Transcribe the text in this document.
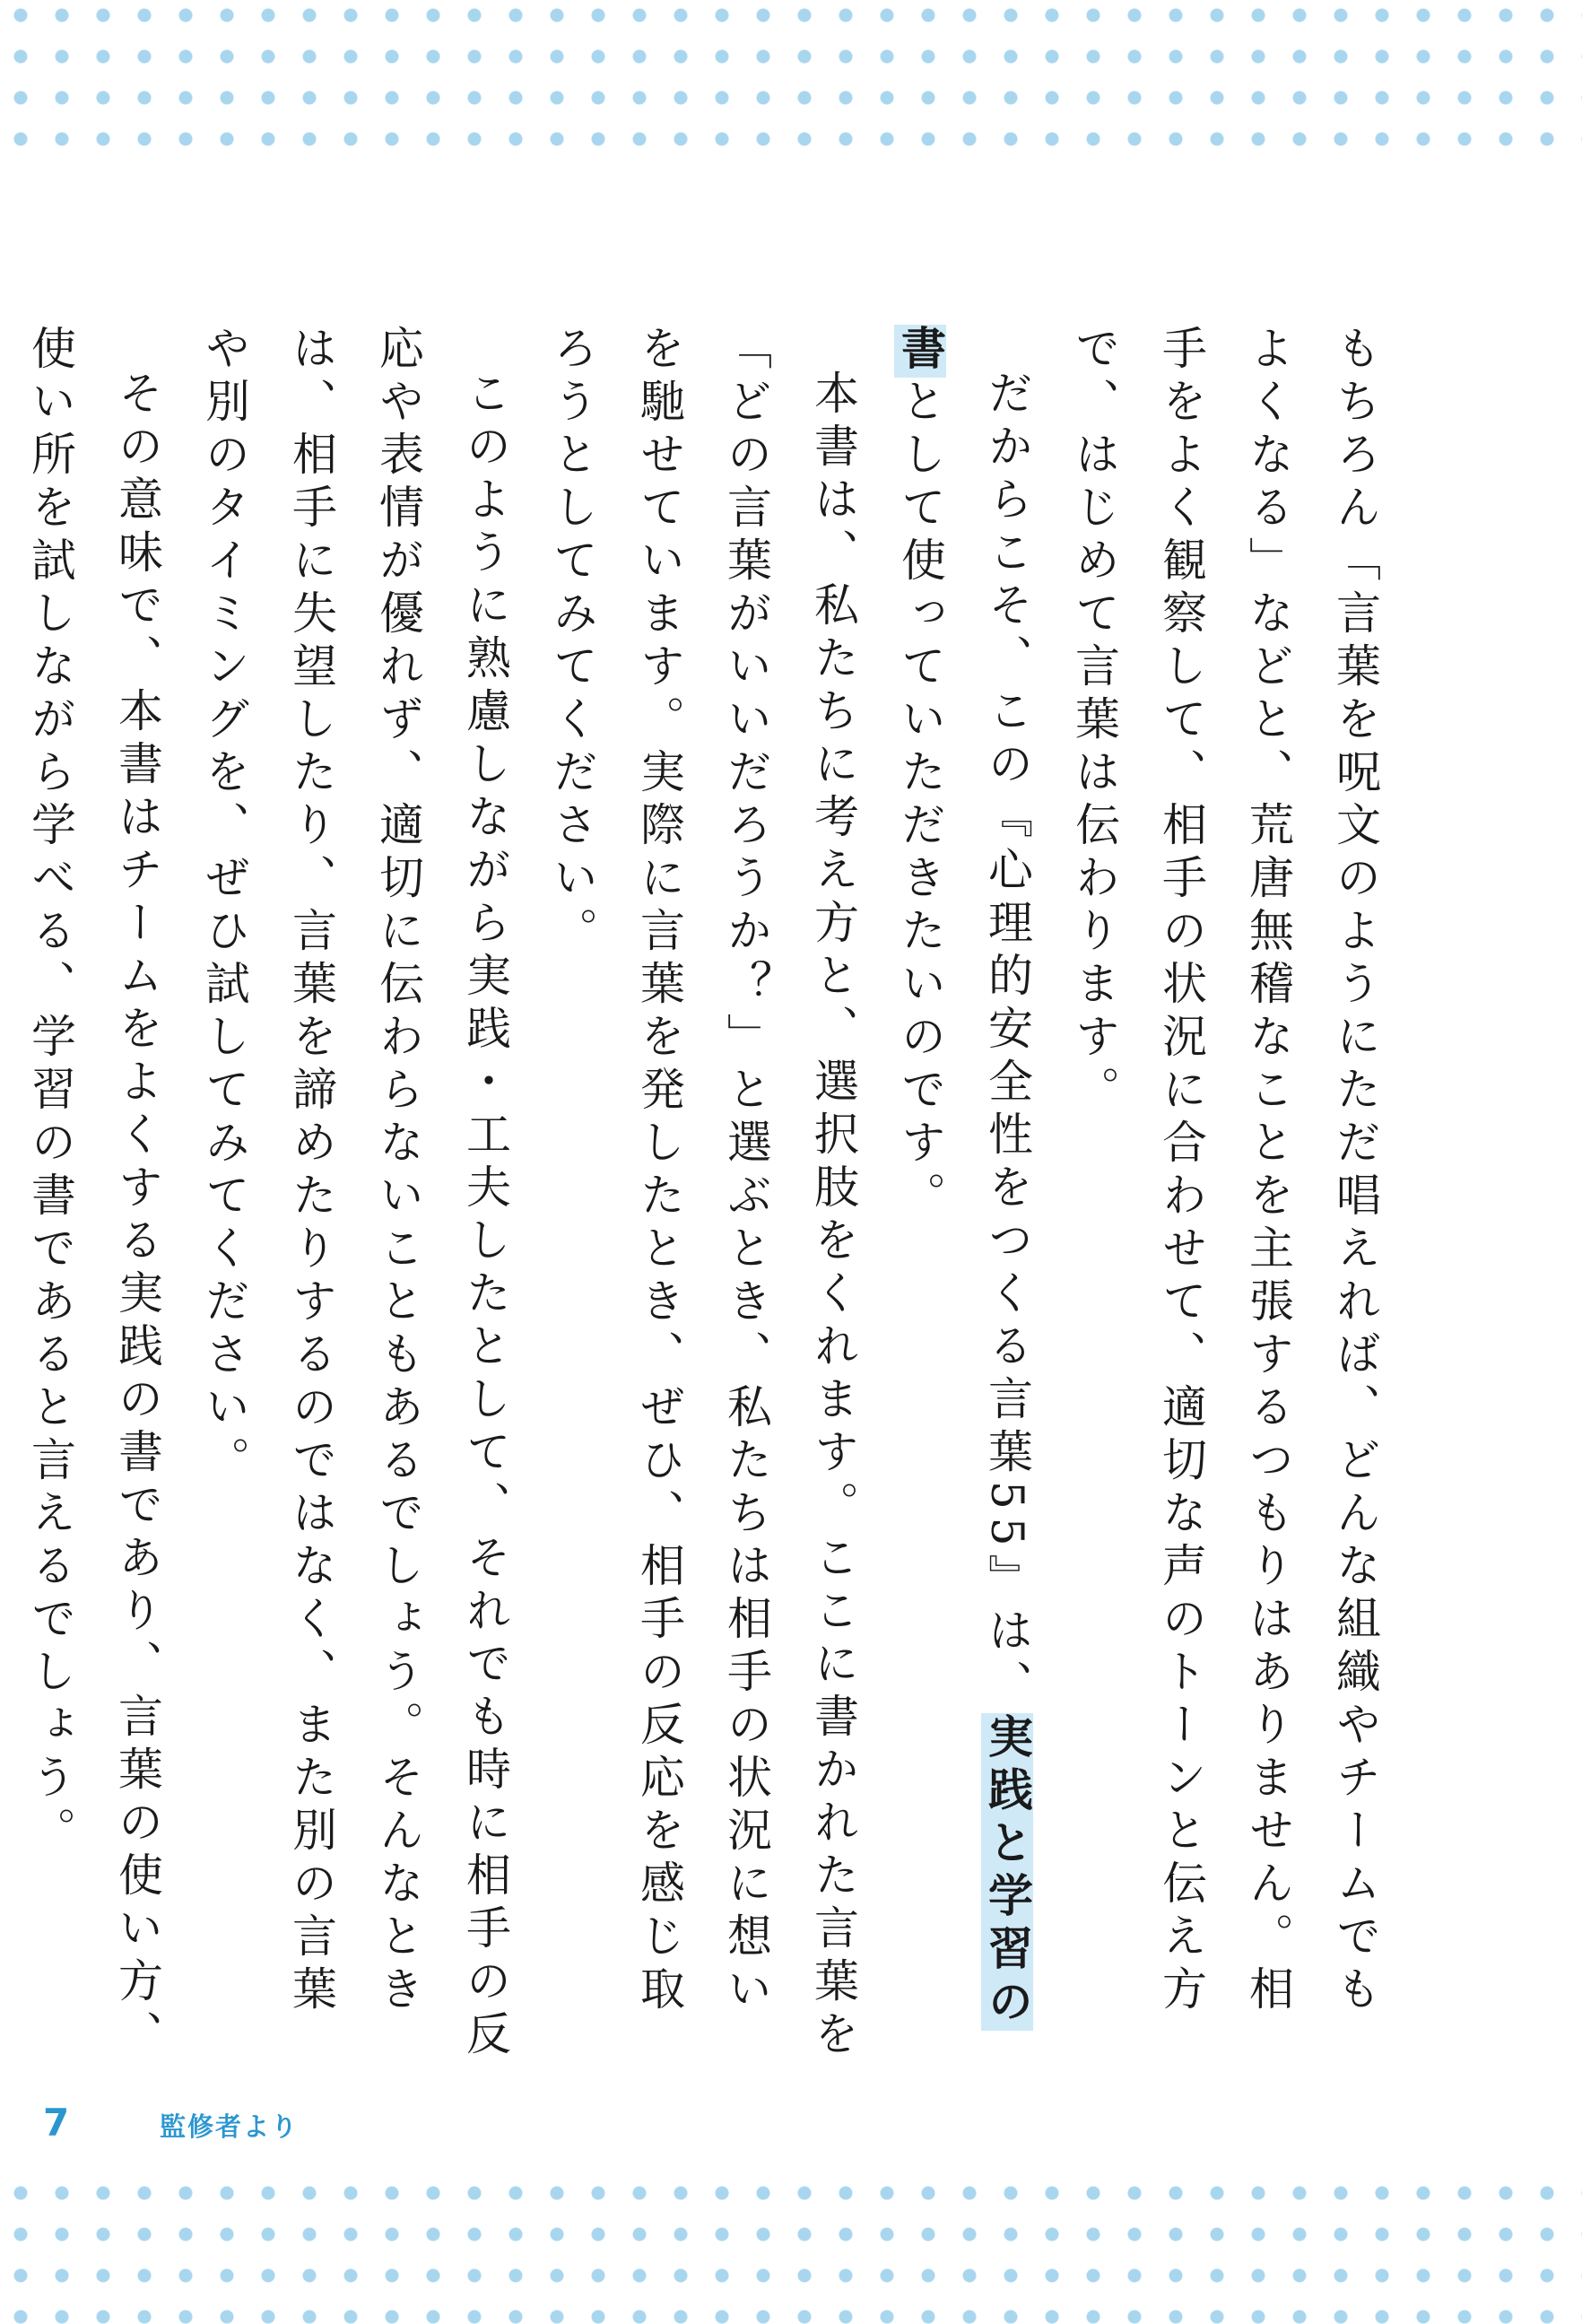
もちろん「言葉を呪文のようにただ唱えれば、どんな組織やチームでもよくなる」などと、荒唐無稽なことを主張するつもりはありません。相手をよく観察して、相手の状況に合わせて、適切な声のトーンと伝え方で、はじめて言葉は伝わります。

だからこそ、この『心理的安全性をつくる言葉55』は、実践と学習の書として使っていただきたいのです。

本書は、私たちに考え方と、選択肢をくれます。ここに書かれた言葉を「どの言葉がいいだろうか？」と選ぶとき、私たちは相手の状況に想いを馳せています。実際に言葉を発したとき、ぜひ、相手の反応を感じ取ろうとしてみてください。

このように熟慮しながら実践・工夫したとして、それでも時に相手の反応や表情が優れず、適切に伝わらないこともあるでしょう。そんなときは、相手に失望したり、言葉を諦めたりするのではなく、また別の言葉や別のタイミングを、ぜひ試してみてください。

その意味で、本書はチームをよくする実践の書であり、言葉の使い方、使い所を試しながら学べる、学習の書であると言えるでしょう。

7	監修者より
